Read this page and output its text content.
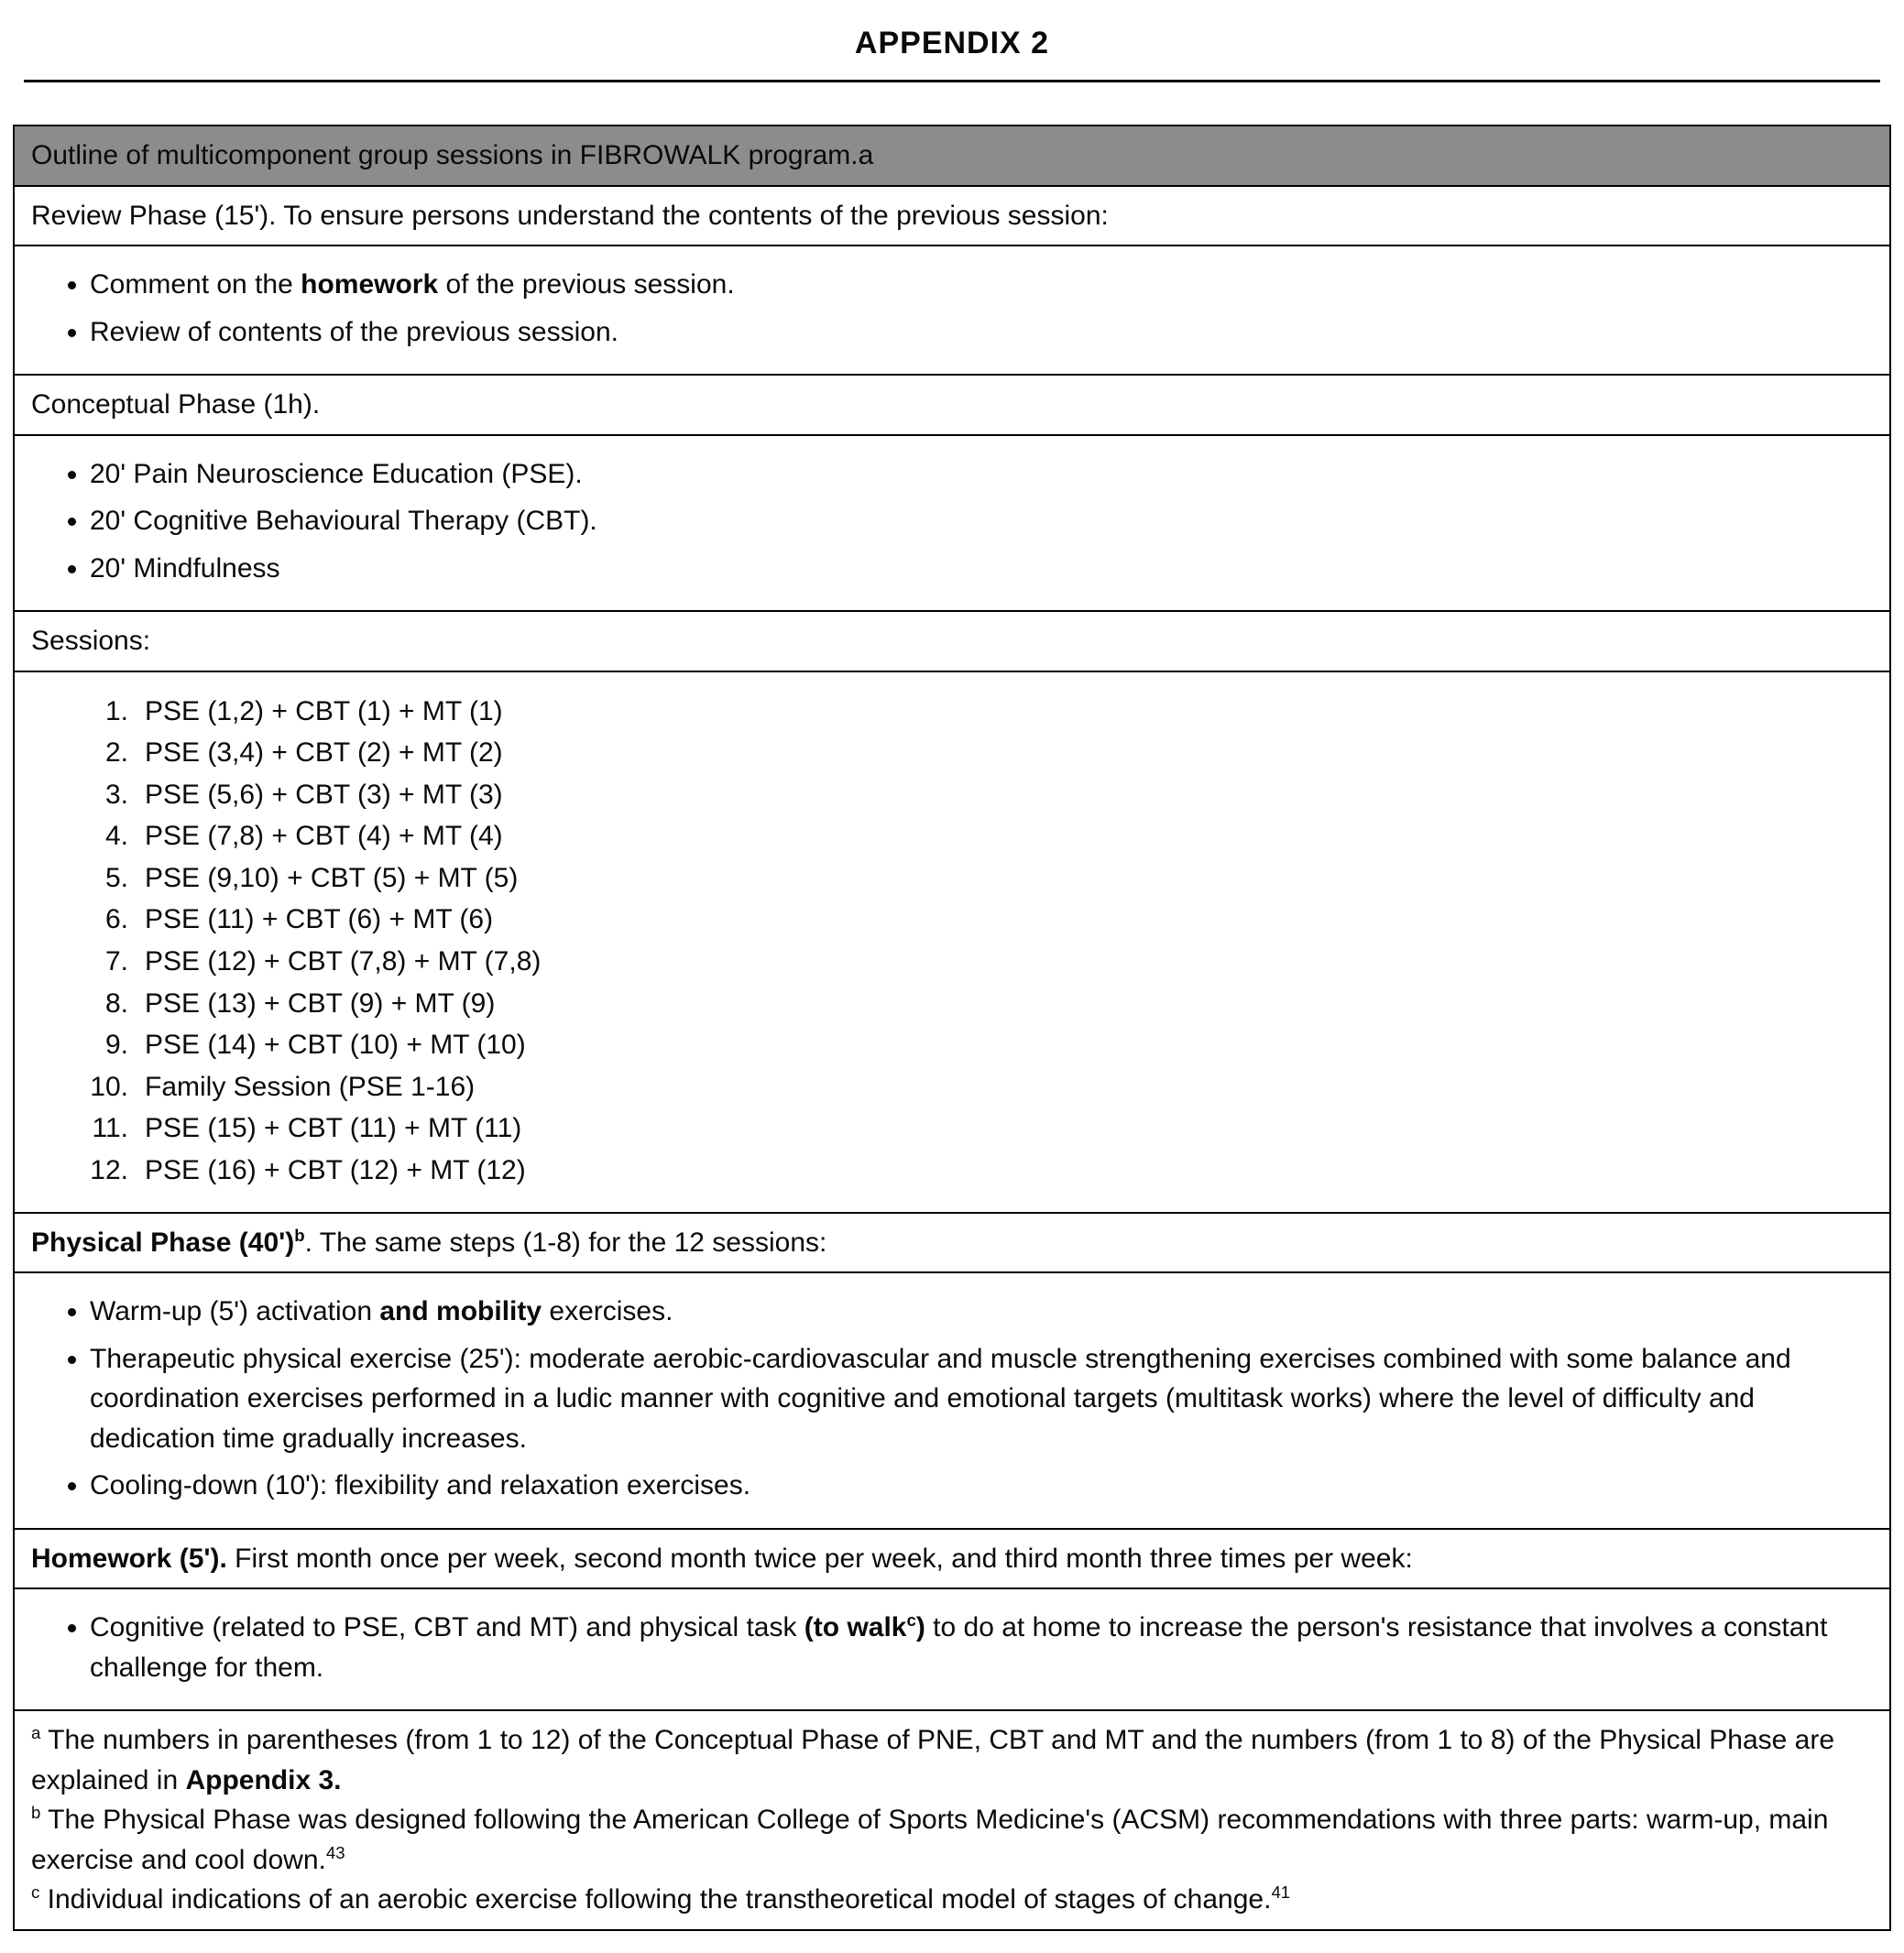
APPENDIX 2
Outline of multicomponent group sessions in FIBROWALK program.a
Review Phase (15'). To ensure persons understand the contents of the previous session:

• Comment on the homework of the previous session.
• Review of contents of the previous session.

Conceptual Phase (1h).

• 20' Pain Neuroscience Education (PSE).
• 20' Cognitive Behavioural Therapy (CBT).
• 20' Mindfulness

Sessions:

1. PSE (1,2) + CBT (1) + MT (1)
2. PSE (3,4) + CBT (2) + MT (2)
3. PSE (5,6) + CBT (3) + MT (3)
4. PSE (7,8) + CBT (4) + MT (4)
5. PSE (9,10) + CBT (5) + MT (5)
6. PSE (11) + CBT (6) + MT (6)
7. PSE (12) + CBT (7,8) + MT (7,8)
8. PSE (13) + CBT (9) + MT (9)
9. PSE (14) + CBT (10) + MT (10)
10. Family Session (PSE 1-16)
11. PSE (15) + CBT (11) + MT (11)
12. PSE (16) + CBT (12) + MT (12)

Physical Phase $(40')^b$. The same steps (1-8) for the 12 sessions:

• Warm-up (5') activation and mobility exercises.
• Therapeutic physical exercise (25'): moderate aerobic-cardiovascular and muscle strengthening exercises combined with some balance and coordination exercises performed in a ludic manner with cognitive and emotional targets (multitask works) where the level of difficulty and dedication time gradually increases.
• Cooling-down (10'): flexibility and relaxation exercises.

Homework (5'). First month once per week, second month twice per week, and third month three times per week:

• Cognitive (related to PSE, CBT and MT) and physical task (to walk$^c$) to do at home to increase the person's resistance that involves a constant challenge for them.

$^a$ The numbers in parentheses (from 1 to 12) of the Conceptual Phase of PNE, CBT and MT and the numbers (from 1 to 8) of the Physical Phase are explained in Appendix 3.

$^b$ The Physical Phase was designed following the American College of Sports Medicine's (ACSM) recommendations with three parts: warm-up, main exercise and cool down.$^{43}$

$^c$ Individual indications of an aerobic exercise following the transtheoretical model of stages of change.$^{41}$
